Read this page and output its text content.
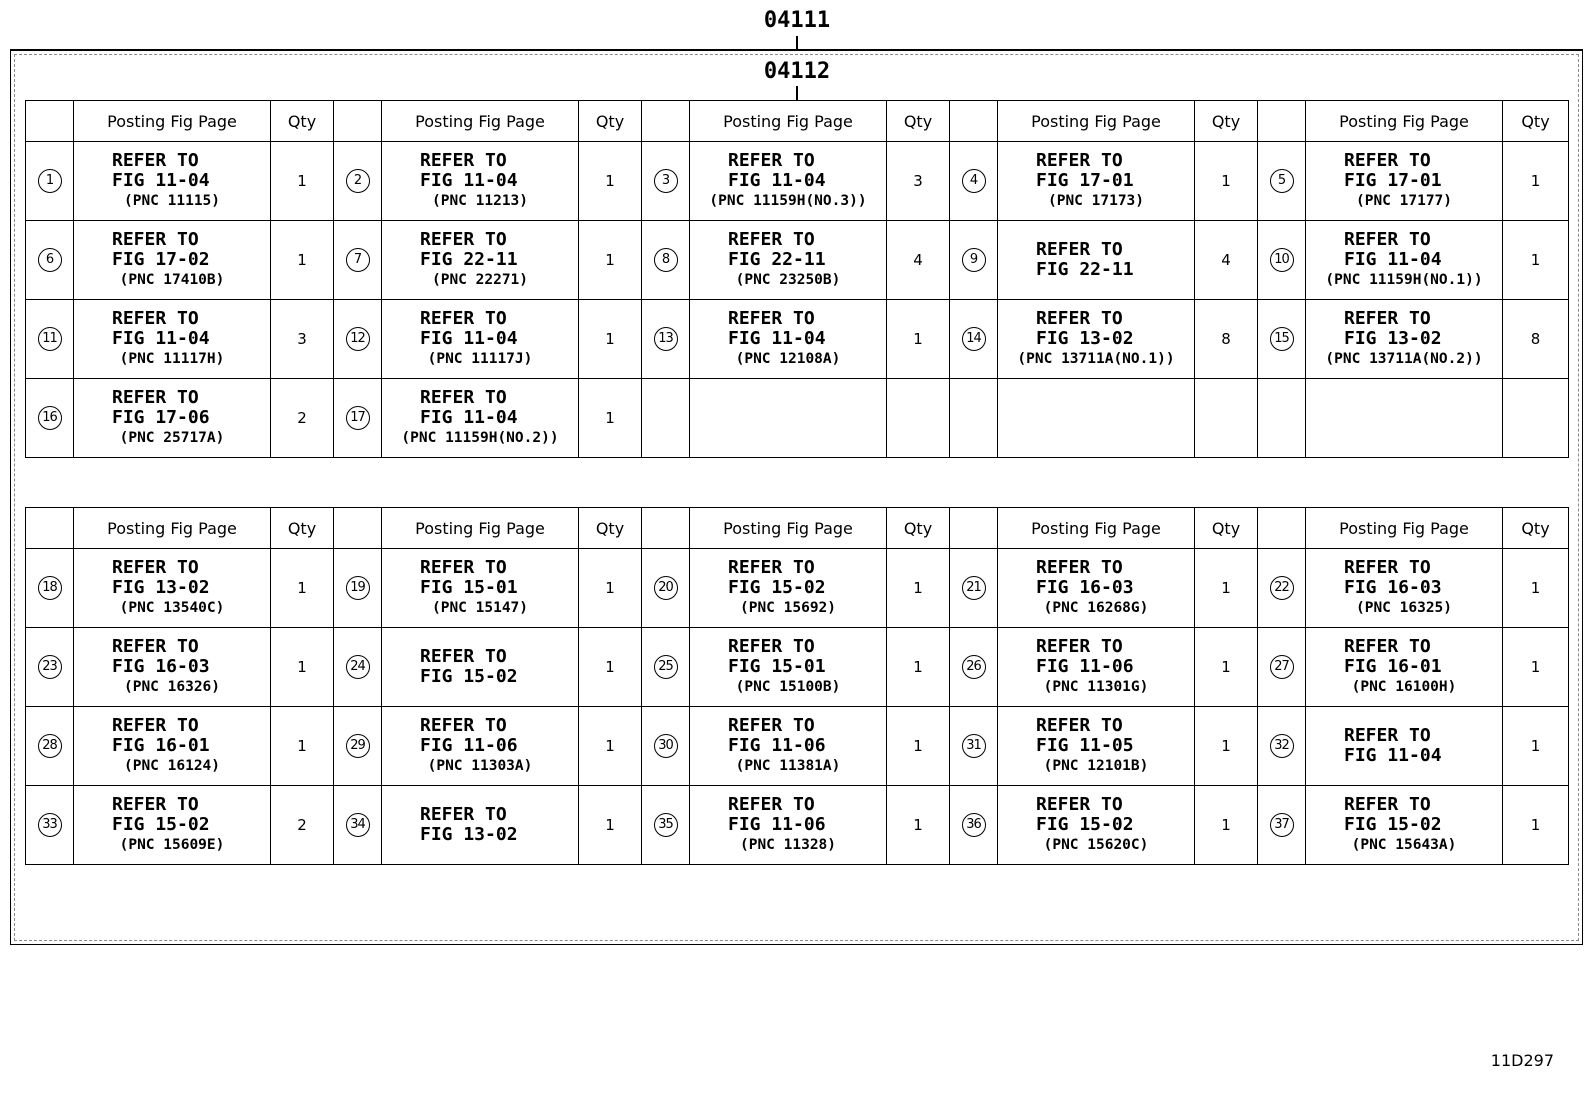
04111
04112
	Posting Fig Page	Qty		Posting Fig Page	Qty		Posting Fig Page	Qty		Posting Fig Page	Qty		Posting Fig Page	Qty
1	REFER TO
FIG 11-04
(PNC 11115)	1	2	REFER TO
FIG 11-04
(PNC 11213)	1	3	REFER TO
FIG 11-04
(PNC 11159H(NO.3))	3	4	REFER TO
FIG 17-01
(PNC 17173)	1	5	REFER TO
FIG 17-01
(PNC 17177)	1
6	REFER TO
FIG 17-02
(PNC 17410B)	1	7	REFER TO
FIG 22-11
(PNC 22271)	1	8	REFER TO
FIG 22-11
(PNC 23250B)	4	9	REFER TO
FIG 22-11	4	10	REFER TO
FIG 11-04
(PNC 11159H(NO.1))	1
11	REFER TO
FIG 11-04
(PNC 11117H)	3	12	REFER TO
FIG 11-04
(PNC 11117J)	1	13	REFER TO
FIG 11-04
(PNC 12108A)	1	14	REFER TO
FIG 13-02
(PNC 13711A(NO.1))	8	15	REFER TO
FIG 13-02
(PNC 13711A(NO.2))	8
16	REFER TO
FIG 17-06
(PNC 25717A)	2	17	REFER TO
FIG 11-04
(PNC 11159H(NO.2))	1									
	Posting Fig Page	Qty		Posting Fig Page	Qty		Posting Fig Page	Qty		Posting Fig Page	Qty		Posting Fig Page	Qty
18	REFER TO
FIG 13-02
(PNC 13540C)	1	19	REFER TO
FIG 15-01
(PNC 15147)	1	20	REFER TO
FIG 15-02
(PNC 15692)	1	21	REFER TO
FIG 16-03
(PNC 16268G)	1	22	REFER TO
FIG 16-03
(PNC 16325)	1
23	REFER TO
FIG 16-03
(PNC 16326)	1	24	REFER TO
FIG 15-02	1	25	REFER TO
FIG 15-01
(PNC 15100B)	1	26	REFER TO
FIG 11-06
(PNC 11301G)	1	27	REFER TO
FIG 16-01
(PNC 16100H)	1
28	REFER TO
FIG 16-01
(PNC 16124)	1	29	REFER TO
FIG 11-06
(PNC 11303A)	1	30	REFER TO
FIG 11-06
(PNC 11381A)	1	31	REFER TO
FIG 11-05
(PNC 12101B)	1	32	REFER TO
FIG 11-04	1
33	REFER TO
FIG 15-02
(PNC 15609E)	2	34	REFER TO
FIG 13-02	1	35	REFER TO
FIG 11-06
(PNC 11328)	1	36	REFER TO
FIG 15-02
(PNC 15620C)	1	37	REFER TO
FIG 15-02
(PNC 15643A)	1
11D297
